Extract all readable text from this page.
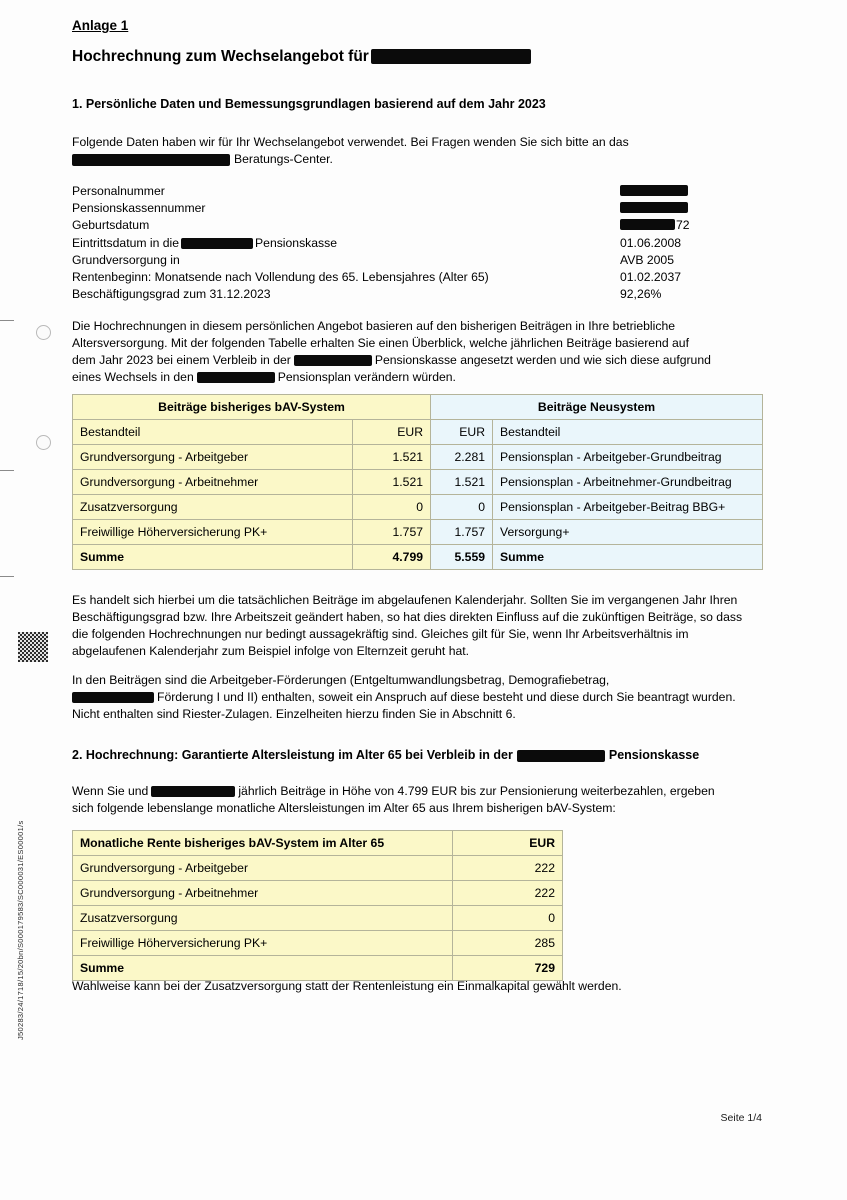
J50283/24/1718/15/20bn/S000179583/SC000031/ES00001/s
Anlage 1
Hochrechnung zum Wechselangebot für
1. Persönliche Daten und Bemessungsgrundlagen basierend auf dem Jahr 2023
Folgende Daten haben wir für Ihr Wechselangebot verwendet. Bei Fragen wenden Sie sich bitte an das
Beratungs-Center.
Personalnummer
Pensionskassennummer
Geburtsdatum	72
Eintrittsdatum in die	Pensionskasse	01.06.2008
Grundversorgung in	AVB 2005
Rentenbeginn: Monatsende nach Vollendung des 65. Lebensjahres (Alter 65)	01.02.2037
Beschäftigungsgrad zum 31.12.2023	92,26%
Die Hochrechnungen in diesem persönlichen Angebot basieren auf den bisherigen Beiträgen in Ihre betriebliche
Altersversorgung. Mit der folgenden Tabelle erhalten Sie einen Überblick, welche jährlichen Beiträge basierend auf
dem Jahr 2023 bei einem Verbleib in der	Pensionskasse angesetzt werden und wie sich diese aufgrund
eines Wechsels in den	Pensionsplan verändern würden.
Beiträge bisheriges bAV-System		Beiträge Neusystem	
Bestandteil	EUR	EUR	Bestandteil
Grundversorgung - Arbeitgeber	1.521	2.281	Pensionsplan - Arbeitgeber-Grundbeitrag
Grundversorgung - Arbeitnehmer	1.521	1.521	Pensionsplan - Arbeitnehmer-Grundbeitrag
Zusatzversorgung	0	0	Pensionsplan - Arbeitgeber-Beitrag BBG+
Freiwillige Höherversicherung PK+	1.757	1.757	Versorgung+
Summe	4.799	5.559	Summe
Es handelt sich hierbei um die tatsächlichen Beiträge im abgelaufenen Kalenderjahr. Sollten Sie im vergangenen Jahr Ihren Beschäftigungsgrad bzw. Ihre Arbeitszeit geändert haben, so hat dies direkten Einfluss auf die zukünftigen Beiträge, so dass die folgenden Hochrechnungen nur bedingt aussagekräftig sind. Gleiches gilt für Sie, wenn Ihr Arbeitsverhältnis im abgelaufenen Kalenderjahr zum Beispiel infolge von Elternzeit geruht hat.
In den Beiträgen sind die Arbeitgeber-Förderungen (Entgeltumwandlungsbetrag, Demografiebetrag,
Förderung I und II) enthalten, soweit ein Anspruch auf diese besteht und diese durch Sie beantragt wurden.
Nicht enthalten sind Riester-Zulagen. Einzelheiten hierzu finden Sie in Abschnitt 6.
2. Hochrechnung: Garantierte Altersleistung im Alter 65 bei Verbleib in der	Pensionskasse
Wenn Sie und	jährlich Beiträge in Höhe von 4.799 EUR bis zur Pensionierung weiterbezahlen, ergeben
sich folgende lebenslange monatliche Altersleistungen im Alter 65 aus Ihrem bisherigen bAV-System:
Monatliche Rente bisheriges bAV-System im Alter 65	EUR
Grundversorgung - Arbeitgeber	222
Grundversorgung - Arbeitnehmer	222
Zusatzversorgung	0
Freiwillige Höherversicherung PK+	285
Summe	729
Wahlweise kann bei der Zusatzversorgung statt der Rentenleistung ein Einmalkapital gewählt werden.
Seite 1/4
